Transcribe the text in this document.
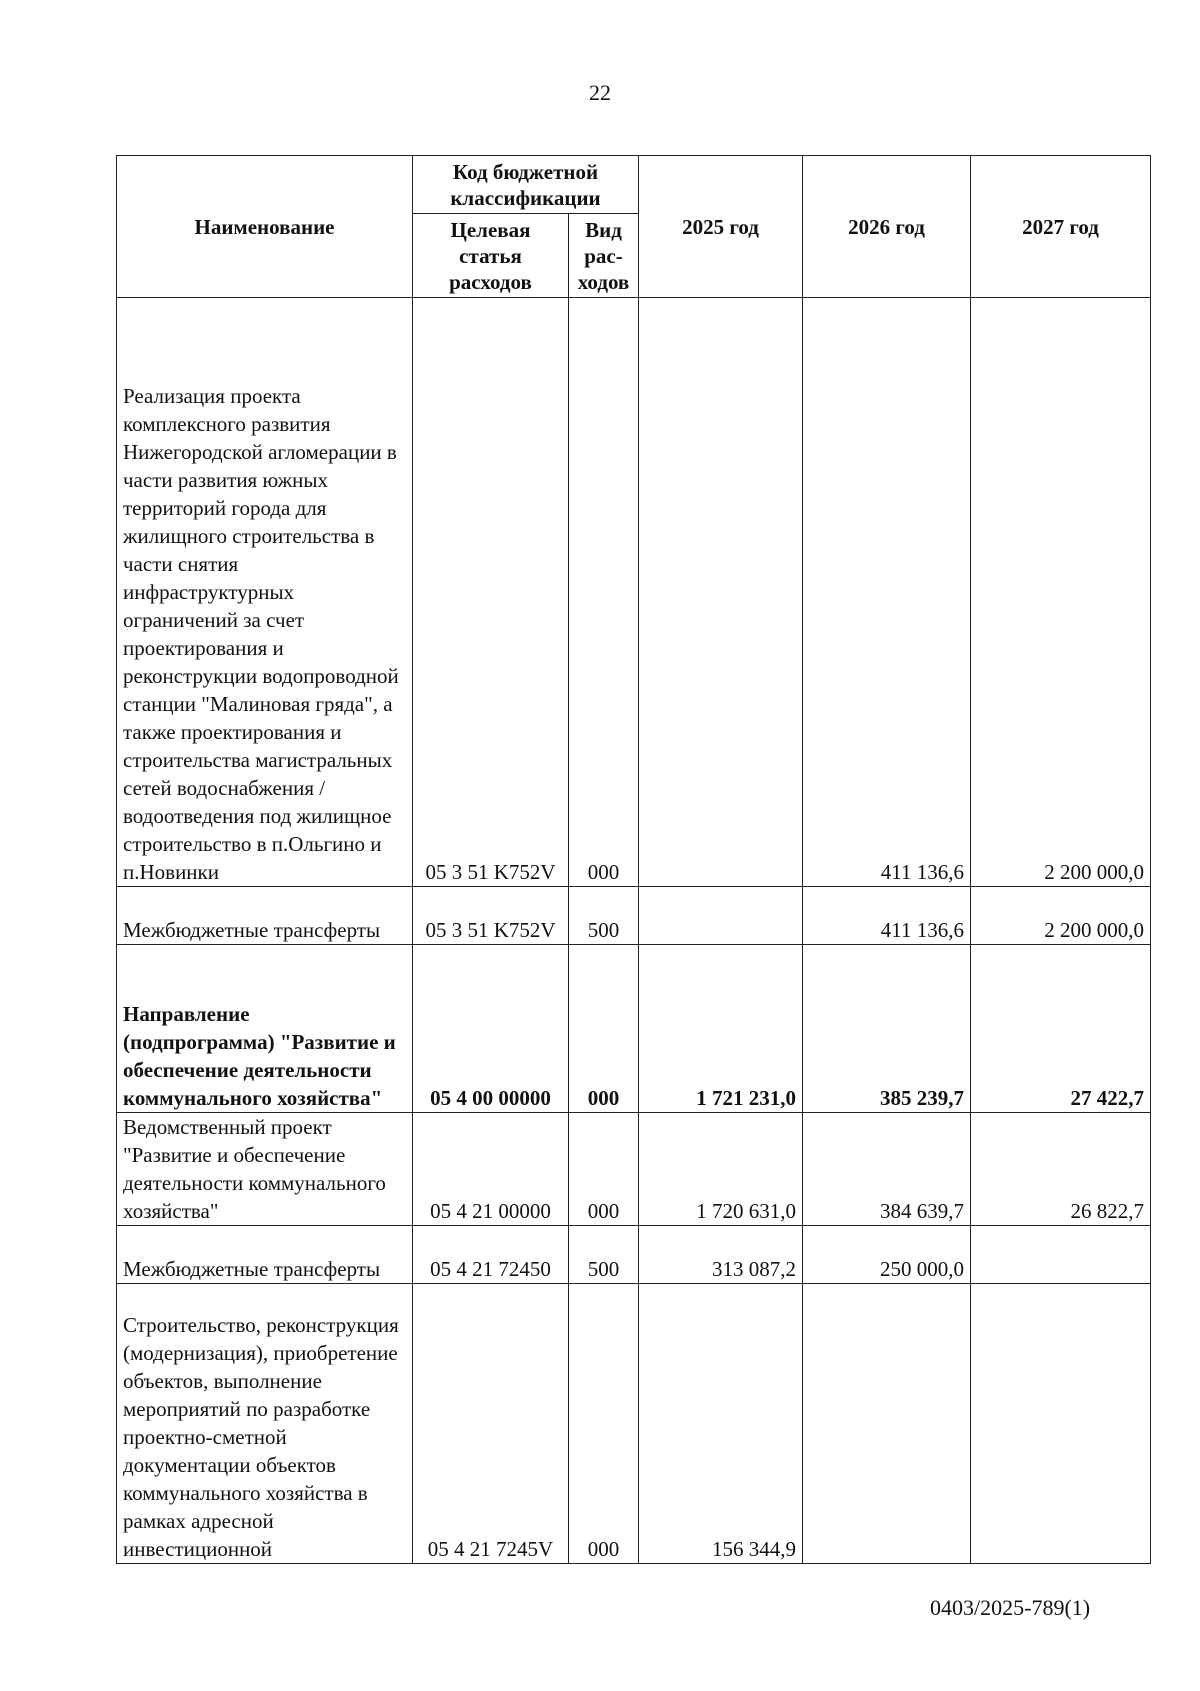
22
Наименование	Код бюджетной классификации		2025 год	2026 год	2027 год
	Целевая статья расходов	Вид рас-ходов			
Реализация проекта комплексного развития Нижегородской агломерации в части развития южных территорий города для жилищного строительства в части снятия инфраструктурных ограничений за счет проектирования и реконструкции водопроводной станции "Малиновая гряда", а также проектирования и строительства магистральных сетей водоснабжения / водоотведения под жилищное строительство в п.Ольгино и п.Новинки	05 3 51 K752V	000		411 136,6	2 200 000,0
Межбюджетные трансферты	05 3 51 K752V	500		411 136,6	2 200 000,0
Направление (подпрограмма) "Развитие и обеспечение деятельности коммунального хозяйства"	05 4 00 00000	000	1 721 231,0	385 239,7	27 422,7
Ведомственный проект "Развитие и обеспечение деятельности коммунального хозяйства"	05 4 21 00000	000	1 720 631,0	384 639,7	26 822,7
Межбюджетные трансферты	05 4 21 72450	500	313 087,2	250 000,0	
Строительство, реконструкция (модернизация), приобретение объектов, выполнение мероприятий по разработке проектно-сметной документации объектов коммунального хозяйства в рамках адресной инвестиционной	05 4 21 7245V	000	156 344,9		
0403/2025-789(1)
